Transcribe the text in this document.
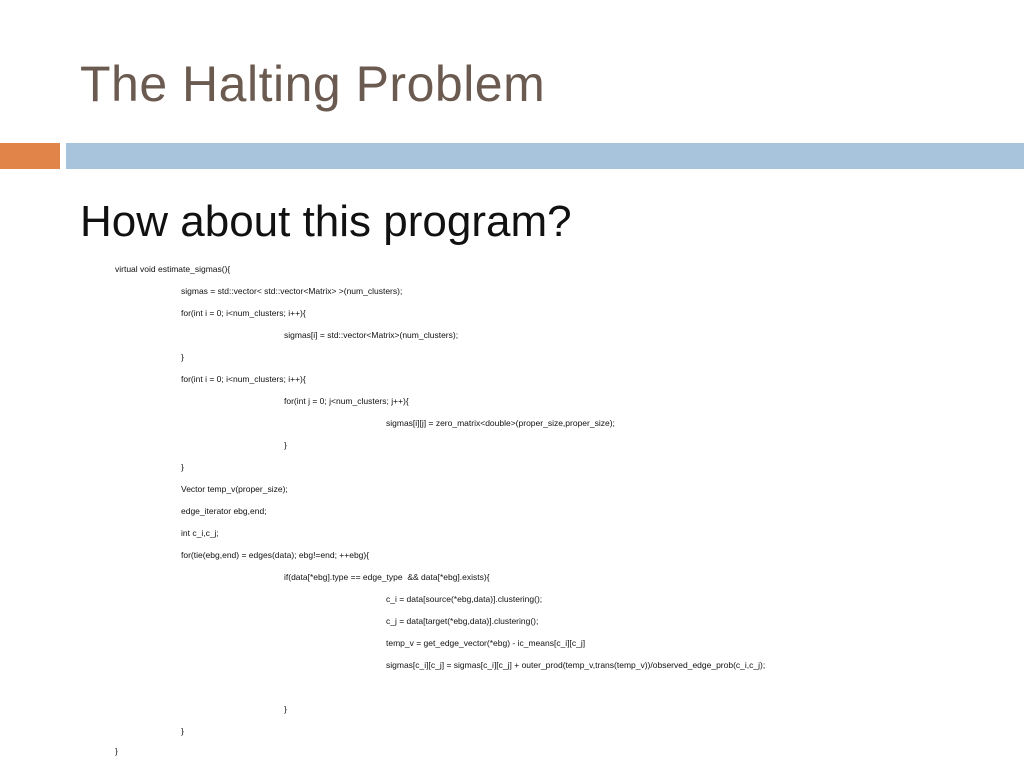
The Halting Problem
How about this program?
virtual void estimate_sigmas(){
sigmas = std::vector< std::vector<Matrix> >(num_clusters);
for(int i = 0; i<num_clusters; i++){
sigmas[i] = std::vector<Matrix>(num_clusters);
}
for(int i = 0; i<num_clusters; i++){
for(int j = 0; j<num_clusters; j++){
sigmas[i][j] = zero_matrix<double>(proper_size,proper_size);
}
}
Vector temp_v(proper_size);
edge_iterator ebg,end;
int c_i,c_j;
for(tie(ebg,end) = edges(data); ebg!=end; ++ebg){
if(data[*ebg].type == edge_type  && data[*ebg].exists){
c_i = data[source(*ebg,data)].clustering();
c_j = data[target(*ebg,data)].clustering();
temp_v = get_edge_vector(*ebg) - ic_means[c_i][c_j]
sigmas[c_i][c_j] = sigmas[c_i][c_j] + outer_prod(temp_v,trans(temp_v))/observed_edge_prob(c_i,c_j);
}
}
}
